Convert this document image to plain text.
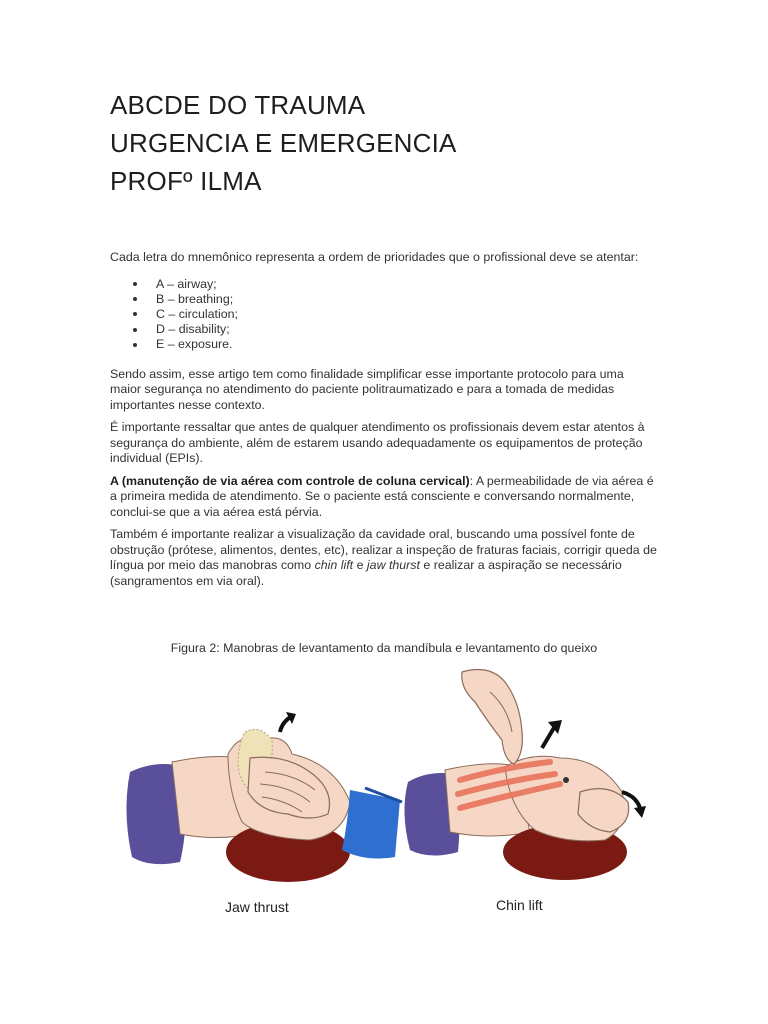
ABCDE DO TRAUMA
URGENCIA E EMERGENCIA
PROFº ILMA

Cada letra do mnemônico representa a ordem de prioridades que o profissional deve se atentar:

A – airway;
B – breathing;
C – circulation;
D – disability;
E – exposure.

Sendo assim, esse artigo tem como finalidade simplificar esse importante protocolo para uma maior segurança no atendimento do paciente politraumatizado e para a tomada de medidas importantes nesse contexto.

É importante ressaltar que antes de qualquer atendimento os profissionais devem estar atentos à segurança do ambiente, além de estarem usando adequadamente os equipamentos de proteção individual (EPIs).

A (manutenção de via aérea com controle de coluna cervical): A permeabilidade de via aérea é a primeira medida de atendimento. Se o paciente está consciente e conversando normalmente, conclui-se que a via aérea está pérvia.

Também é importante realizar a visualização da cavidade oral, buscando uma possível fonte de obstrução (prótese, alimentos, dentes, etc), realizar a inspeção de fraturas faciais, corrigir queda de língua por meio das manobras como chin lift e jaw thurst e realizar a aspiração se necessário (sangramentos em via oral).

Figura 2: Manobras de levantamento da mandíbula e levantamento do queixo
Jaw thrust	Chin lift
